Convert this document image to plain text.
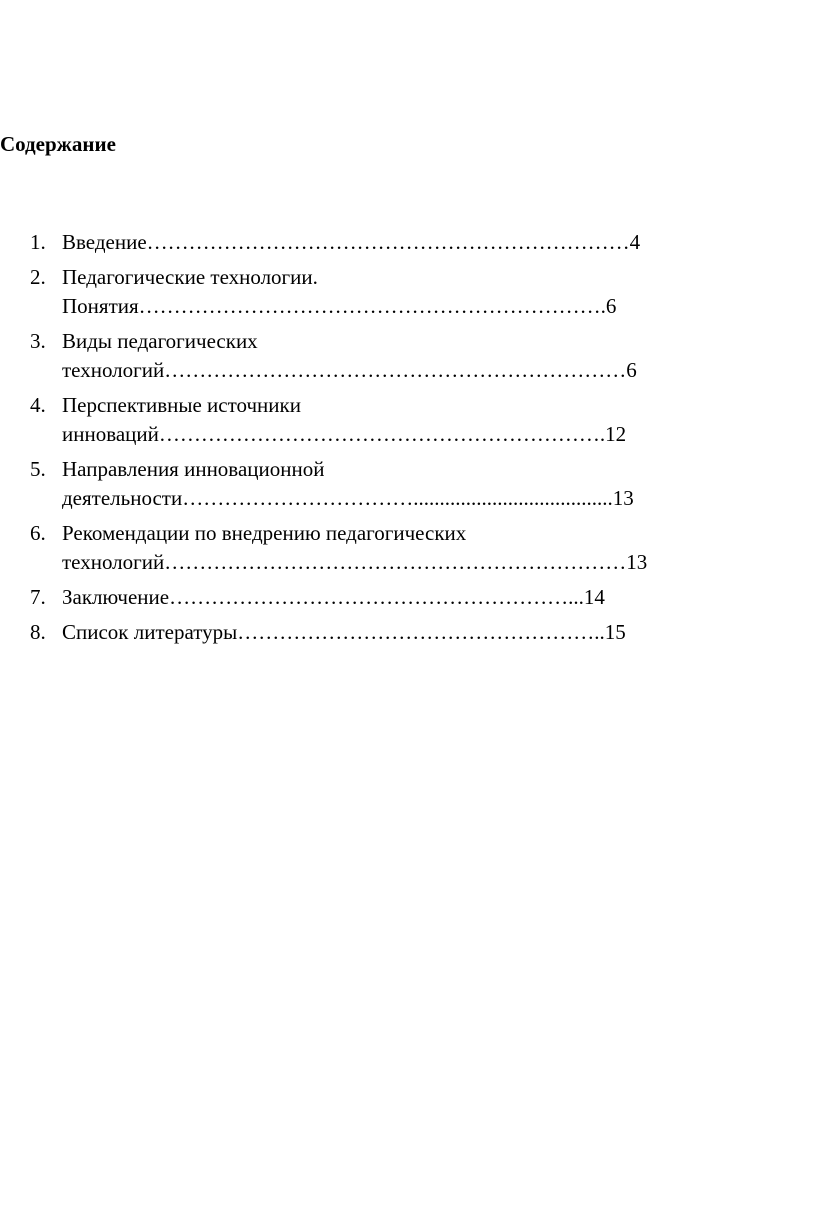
Содержание
1. Введение……………………………………………………………4
2. Педагогические технологии.
Понятия………………………………………………………….6
3. Виды педагогических
технологий…………………………………………………………6
4. Перспективные источники
инноваций……………………………………………………….12
5. Направления инновационной
деятельности……………………………......................................13
6. Рекомендации по внедрению педагогических
технологий…………………………………………………………13
7. Заключение…………………………………………………...14
8. Список литературы……………………………………………..15
